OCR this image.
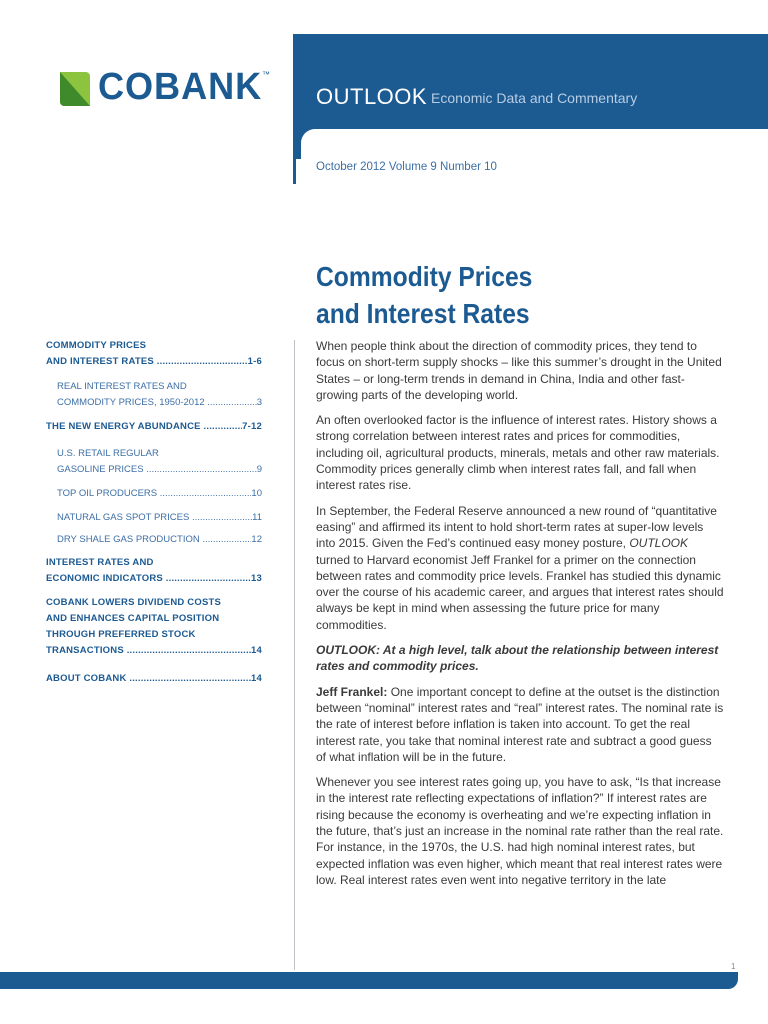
OUTLOOK Economic Data and Commentary
COBANK ™
October 2012 Volume 9 Number 10
Commodity Prices
and Interest Rates
COMMODITY PRICES
AND INTEREST RATES .....	1-6
REAL INTEREST RATES AND
COMMODITY PRICES, 1950-2012 .....	3
THE NEW ENERGY ABUNDANCE .....	7-12
U.S. RETAIL REGULAR
GASOLINE PRICES .....	9
TOP OIL PRODUCERS .....	10
NATURAL GAS SPOT PRICES .....	11
DRY SHALE GAS PRODUCTION .....	12
INTEREST RATES AND
ECONOMIC INDICATORS .....	13
COBANK LOWERS DIVIDEND COSTS
AND ENHANCES CAPITAL POSITION
THROUGH PREFERRED STOCK
TRANSACTIONS .....	14
ABOUT COBANK .....	14

When people think about the direction of commodity prices, they tend to focus on short-term supply shocks – like this summer’s drought in the United States – or long-term trends in demand in China, India and other fast-growing parts of the developing world.

An often overlooked factor is the influence of interest rates. History shows a strong correlation between interest rates and prices for commodities, including oil, agricultural products, minerals, metals and other raw materials. Commodity prices generally climb when interest rates fall, and fall when interest rates rise.

In September, the Federal Reserve announced a new round of “quantitative easing” and affirmed its intent to hold short-term rates at super-low levels into 2015. Given the Fed’s continued easy money posture, OUTLOOK turned to Harvard economist Jeff Frankel for a primer on the connection between rates and commodity price levels. Frankel has studied this dynamic over the course of his academic career, and argues that interest rates should always be kept in mind when assessing the future price for many commodities.

OUTLOOK: At a high level, talk about the relationship between interest rates and commodity prices.

Jeff Frankel: One important concept to define at the outset is the distinction between “nominal” interest rates and “real” interest rates. The nominal rate is the rate of interest before inflation is taken into account. To get the real interest rate, you take that nominal interest rate and subtract a good guess of what inflation will be in the future.

Whenever you see interest rates going up, you have to ask, “Is that increase in the interest rate reflecting expectations of inflation?” If interest rates are rising because the economy is overheating and we’re expecting inflation in the future, that’s just an increase in the nominal rate rather than the real rate. For instance, in the 1970s, the U.S. had high nominal interest rates, but expected inflation was even higher, which meant that real interest rates were low. Real interest rates even went into negative territory in the late

1
